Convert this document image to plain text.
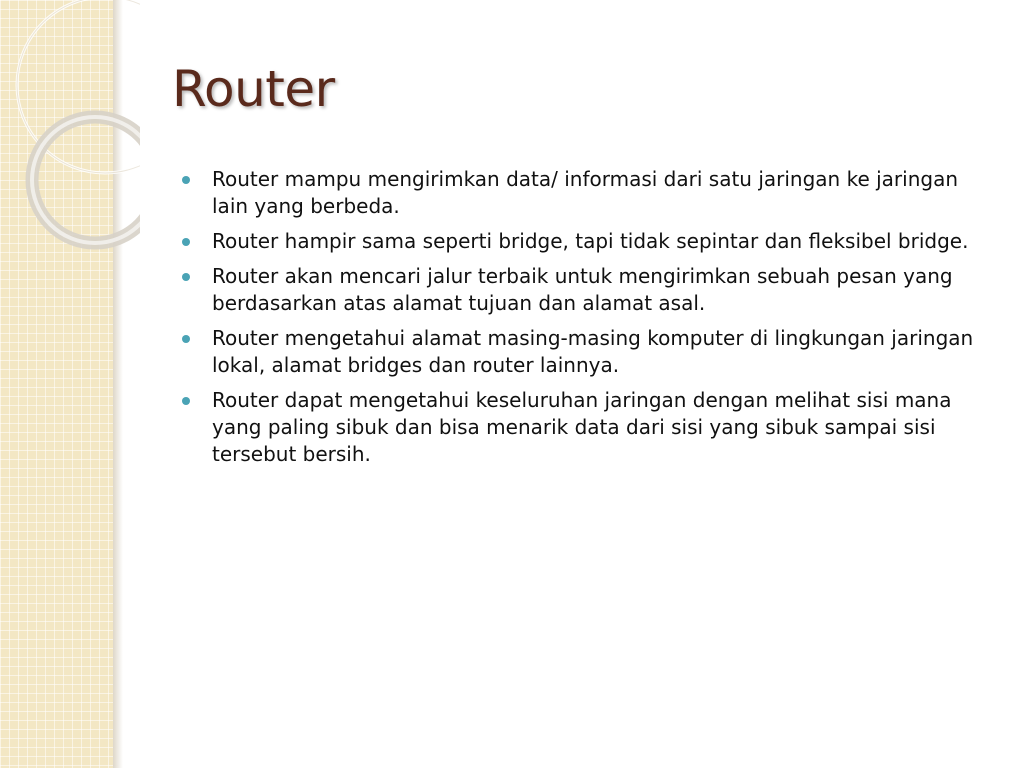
Router
Router mampu mengirimkan data/ informasi dari satu jaringan ke jaringan lain yang berbeda.
Router hampir sama seperti bridge, tapi tidak sepintar dan fleksibel bridge.
Router akan mencari jalur terbaik untuk mengirimkan sebuah pesan yang berdasarkan atas alamat tujuan dan alamat asal.
Router mengetahui alamat masing-masing komputer di lingkungan jaringan lokal, alamat bridges dan router lainnya.
Router dapat mengetahui keseluruhan jaringan dengan melihat sisi mana yang paling sibuk dan bisa menarik data dari sisi yang sibuk sampai sisi tersebut bersih.
